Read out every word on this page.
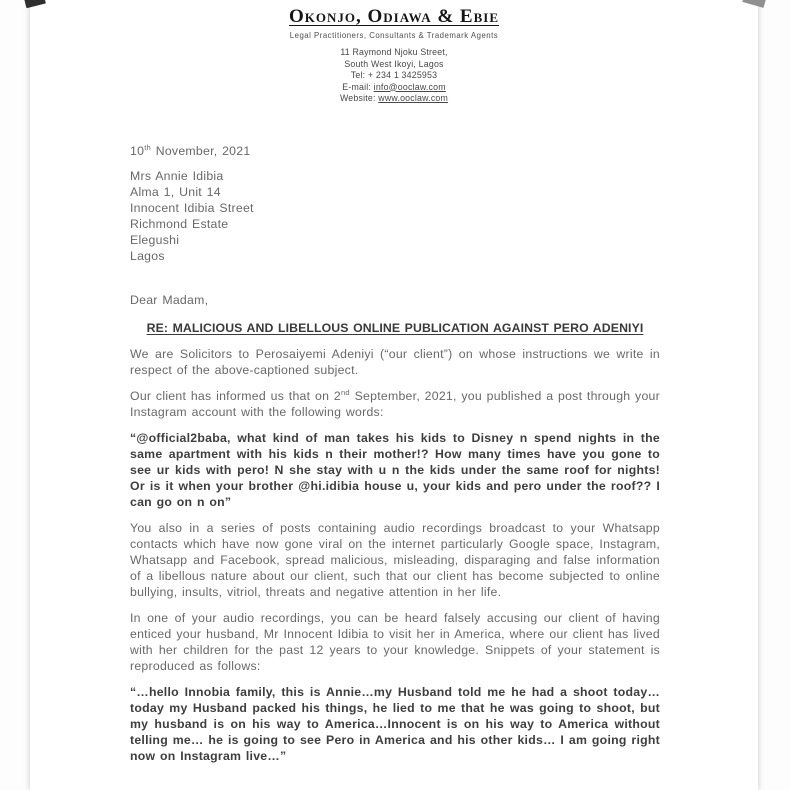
Okonjo, Odiawa & Ebie
Legal Practitioners, Consultants & Trademark Agents
11 Raymond Njoku Street,
South West Ikoyi, Lagos
Tel: + 234 1 3425953
E-mail: info@ooclaw.com
Website: www.ooclaw.com
10th November, 2021
Mrs Annie Idibia
Alma 1, Unit 14
Innocent Idibia Street
Richmond Estate
Elegushi
Lagos
Dear Madam,
RE: MALICIOUS AND LIBELLOUS ONLINE PUBLICATION AGAINST PERO ADENIYI

We are Solicitors to Perosaiyemi Adeniyi (“our client”) on whose instructions we write in respect of the above-captioned subject.

Our client has informed us that on 2nd September, 2021, you published a post through your Instagram account with the following words:

“@official2baba, what kind of man takes his kids to Disney n spend nights in the same apartment with his kids n their mother!? How many times have you gone to see ur kids with pero! N she stay with u n the kids under the same roof for nights! Or is it when your brother @hi.idibia house u, your kids and pero under the roof?? I can go on n on”

You also in a series of posts containing audio recordings broadcast to your Whatsapp contacts which have now gone viral on the internet particularly Google space, Instagram, Whatsapp and Facebook, spread malicious, misleading, disparaging and false information of a libellous nature about our client, such that our client has become subjected to online bullying, insults, vitriol, threats and negative attention in her life.

In one of your audio recordings, you can be heard falsely accusing our client of having enticed your husband, Mr Innocent Idibia to visit her in America, where our client has lived with her children for the past 12 years to your knowledge. Snippets of your statement is reproduced as follows:

“…hello Innobia family, this is Annie…my Husband told me he had a shoot today… today my Husband packed his things, he lied to me that he was going to shoot, but my husband is on his way to America…Innocent is on his way to America without telling me… he is going to see Pero in America and his other kids… I am going right now on Instagram live…”
